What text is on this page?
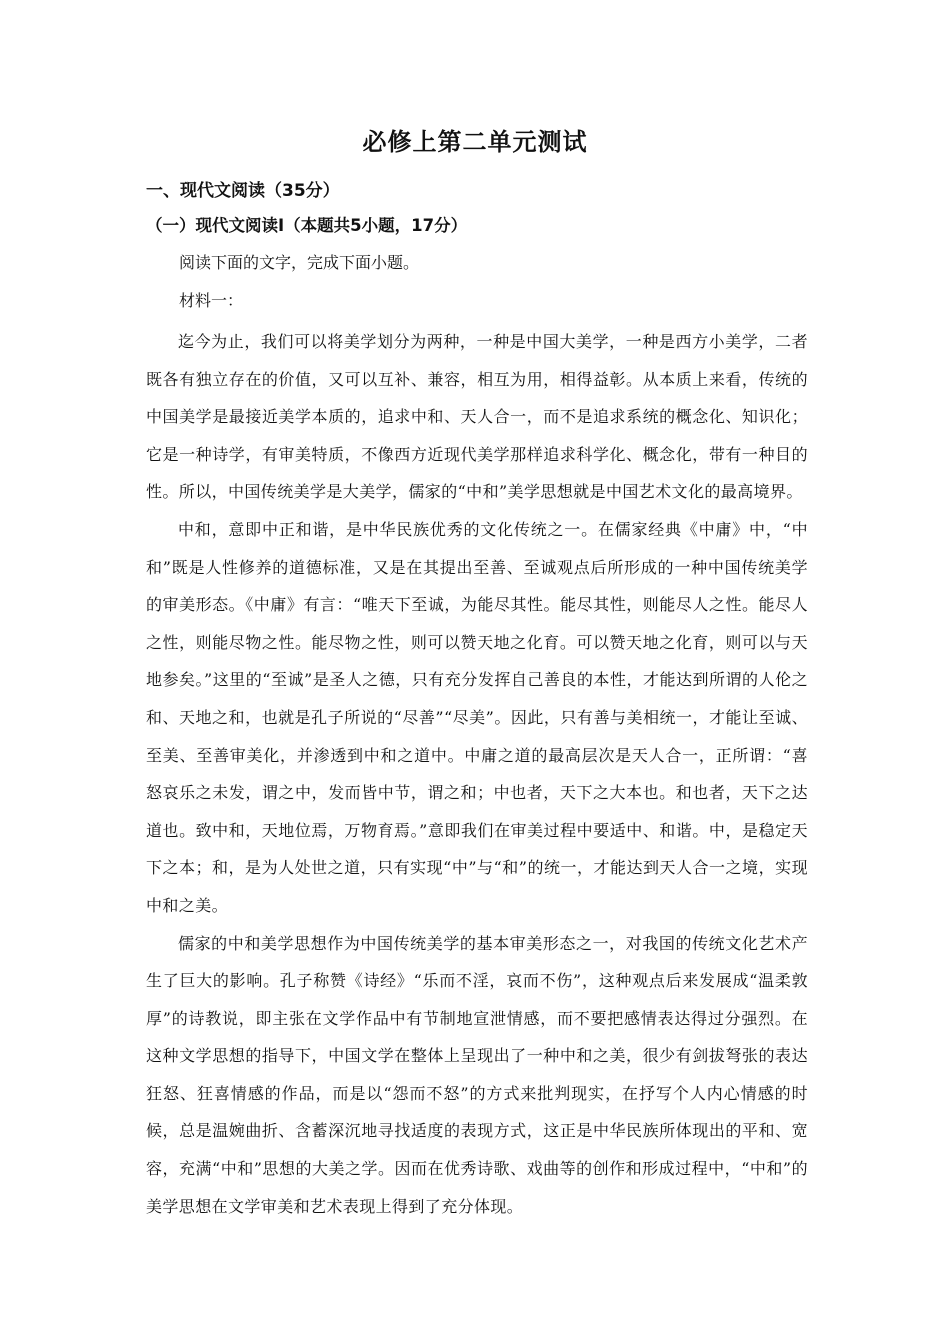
必修上第二单元测试
一、现代文阅读（35分）
（一）现代文阅读Ⅰ（本题共5小题，17分）
阅读下面的文字，完成下面小题。
材料一：

迄今为止，我们可以将美学划分为两种，一种是中国大美学，一种是西方小美学，二者既各有独立存在的价值，又可以互补、兼容，相互为用，相得益彰。从本质上来看，传统的中国美学是最接近美学本质的，追求中和、天人合一，而不是追求系统的概念化、知识化；它是一种诗学，有审美特质，不像西方近现代美学那样追求科学化、概念化，带有一种目的性。所以，中国传统美学是大美学，儒家的“中和”美学思想就是中国艺术文化的最高境界。

中和，意即中正和谐，是中华民族优秀的文化传统之一。在儒家经典《中庸》中，“中和”既是人性修养的道德标准，又是在其提出至善、至诚观点后所形成的一种中国传统美学的审美形态。《中庸》有言：“唯天下至诚，为能尽其性。能尽其性，则能尽人之性。能尽人之性，则能尽物之性。能尽物之性，则可以赞天地之化育。可以赞天地之化育，则可以与天地参矣。”这里的“至诚”是圣人之德，只有充分发挥自己善良的本性，才能达到所谓的人伦之和、天地之和，也就是孔子所说的“尽善”“尽美”。因此，只有善与美相统一，才能让至诚、至美、至善审美化，并渗透到中和之道中。中庸之道的最高层次是天人合一，正所谓：“喜怒哀乐之未发，谓之中，发而皆中节，谓之和；中也者，天下之大本也。和也者，天下之达道也。致中和，天地位焉，万物育焉。”意即我们在审美过程中要适中、和谐。中，是稳定天下之本；和，是为人处世之道，只有实现“中”与“和”的统一，才能达到天人合一之境，实现中和之美。

儒家的中和美学思想作为中国传统美学的基本审美形态之一，对我国的传统文化艺术产生了巨大的影响。孔子称赞《诗经》“乐而不淫，哀而不伤”，这种观点后来发展成“温柔敦厚”的诗教说，即主张在文学作品中有节制地宣泄情感，而不要把感情表达得过分强烈。在这种文学思想的指导下，中国文学在整体上呈现出了一种中和之美，很少有剑拔弩张的表达狂怒、狂喜情感的作品，而是以“怨而不怒”的方式来批判现实，在抒写个人内心情感的时候，总是温婉曲折、含蓄深沉地寻找适度的表现方式，这正是中华民族所体现出的平和、宽容，充满“中和”思想的大美之学。因而在优秀诗歌、戏曲等的创作和形成过程中，“中和”的美学思想在文学审美和艺术表现上得到了充分体现。
